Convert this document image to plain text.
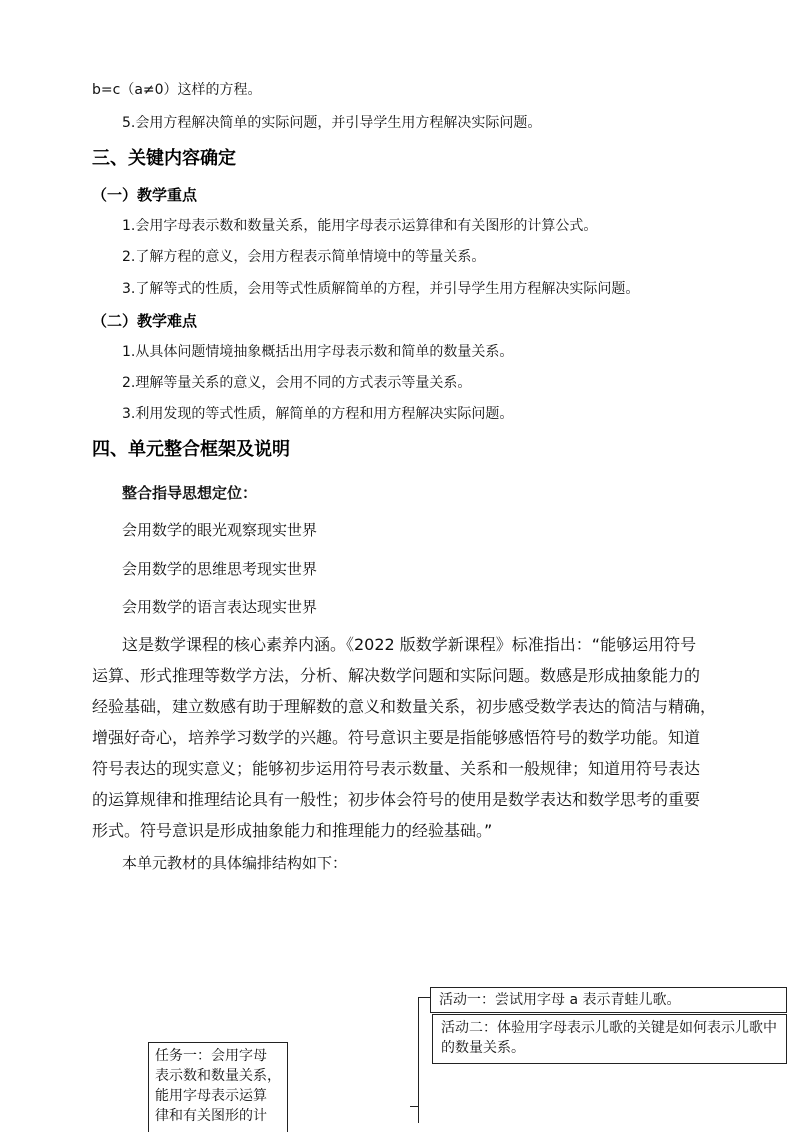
b=c（a≠0）这样的方程。
5.会用方程解决简单的实际问题，并引导学生用方程解决实际问题。
三、关键内容确定
（一）教学重点
1.会用字母表示数和数量关系，能用字母表示运算律和有关图形的计算公式。
2.了解方程的意义，会用方程表示简单情境中的等量关系。
3.了解等式的性质，会用等式性质解简单的方程，并引导学生用方程解决实际问题。
（二）教学难点
1.从具体问题情境抽象概括出用字母表示数和简单的数量关系。
2.理解等量关系的意义，会用不同的方式表示等量关系。
3.利用发现的等式性质，解简单的方程和用方程解决实际问题。
四、单元整合框架及说明
整合指导思想定位：
会用数学的眼光观察现实世界
会用数学的思维思考现实世界
会用数学的语言表达现实世界
这是数学课程的核心素养内涵。《2022 版数学新课程》标准指出：“能够运用符号
运算、形式推理等数学方法，分析、解决数学问题和实际问题。数感是形成抽象能力的
经验基础，建立数感有助于理解数的意义和数量关系，初步感受数学表达的简洁与精确，
增强好奇心，培养学习数学的兴趣。符号意识主要是指能够感悟符号的数学功能。知道
符号表达的现实意义；能够初步运用符号表示数量、关系和一般规律；知道用符号表达
的运算规律和推理结论具有一般性；初步体会符号的使用是数学表达和数学思考的重要
形式。符号意识是形成抽象能力和推理能力的经验基础。”
本单元教材的具体编排结构如下：
任务一：会用字母
表示数和数量关系，
能用字母表示运算
律和有关图形的计
活动一：尝试用字母 a 表示青蛙儿歌。
活动二：体验用字母表示儿歌的关键是如何表示儿歌中
的数量关系。
